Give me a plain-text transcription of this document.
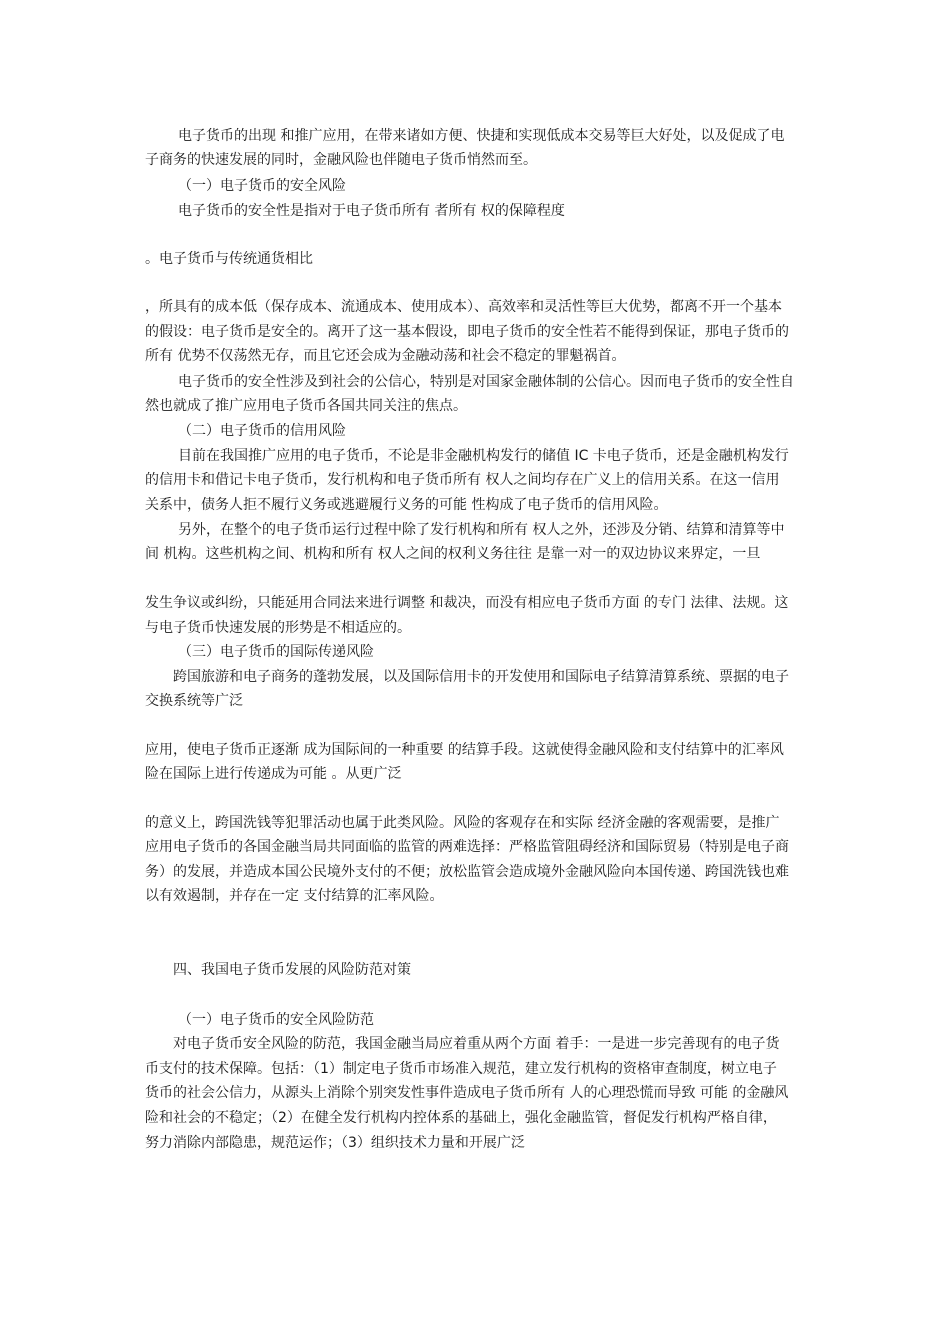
电子货币的出现 和推广应用，在带来诸如方便、快捷和实现低成本交易等巨大好处，以及促成了电
子商务的快速发展的同时，金融风险也伴随电子货币悄然而至。
（一）电子货币的安全风险
电子货币的安全性是指对于电子货币所有 者所有 权的保障程度
。电子货币与传统通货相比
，所具有的成本低（保存成本、流通成本、使用成本）、高效率和灵活性等巨大优势，都离不开一个基本
的假设：电子货币是安全的。离开了这一基本假设，即电子货币的安全性若不能得到保证，那电子货币的
所有 优势不仅荡然无存，而且它还会成为金融动荡和社会不稳定的罪魁祸首。
电子货币的安全性涉及到社会的公信心，特别是对国家金融体制的公信心。因而电子货币的安全性自
然也就成了推广应用电子货币各国共同关注的焦点。
（二）电子货币的信用风险
目前在我国推广应用的电子货币，不论是非金融机构发行的储值 IC 卡电子货币，还是金融机构发行
的信用卡和借记卡电子货币，发行机构和电子货币所有 权人之间均存在广义上的信用关系。在这一信用
关系中，债务人拒不履行义务或逃避履行义务的可能 性构成了电子货币的信用风险。
另外，在整个的电子货币运行过程中除了发行机构和所有 权人之外，还涉及分销、结算和清算等中
间 机构。这些机构之间、机构和所有 权人之间的权利义务往往 是靠一对一的双边协议来界定，一旦
发生争议或纠纷，只能延用合同法来进行调整 和裁决，而没有相应电子货币方面 的专门 法律、法规。这
与电子货币快速发展的形势是不相适应的。
（三）电子货币的国际传递风险
跨国旅游和电子商务的蓬勃发展，以及国际信用卡的开发使用和国际电子结算清算系统、票据的电子
交换系统等广泛
应用，使电子货币正逐渐 成为国际间的一种重要 的结算手段。这就使得金融风险和支付结算中的汇率风
险在国际上进行传递成为可能 。从更广泛
的意义上，跨国洗钱等犯罪活动也属于此类风险。风险的客观存在和实际 经济金融的客观需要，是推广
应用电子货币的各国金融当局共同面临的监管的两难选择：严格监管阻碍经济和国际贸易（特别是电子商
务）的发展，并造成本国公民境外支付的不便；放松监管会造成境外金融风险向本国传递、跨国洗钱也难
以有效遏制，并存在一定 支付结算的汇率风险。
四、我国电子货币发展的风险防范对策
（一）电子货币的安全风险防范
对电子货币安全风险的防范，我国金融当局应着重从两个方面 着手：一是进一步完善现有的电子货
币支付的技术保障。包括：（1）制定电子货币市场准入规范，建立发行机构的资格审查制度，树立电子
货币的社会公信力，从源头上消除个别突发性事件造成电子货币所有 人的心理恐慌而导致 可能 的金融风
险和社会的不稳定；（2）在健全发行机构内控体系的基础上，强化金融监管，督促发行机构严格自律，
努力消除内部隐患，规范运作；（3）组织技术力量和开展广泛
